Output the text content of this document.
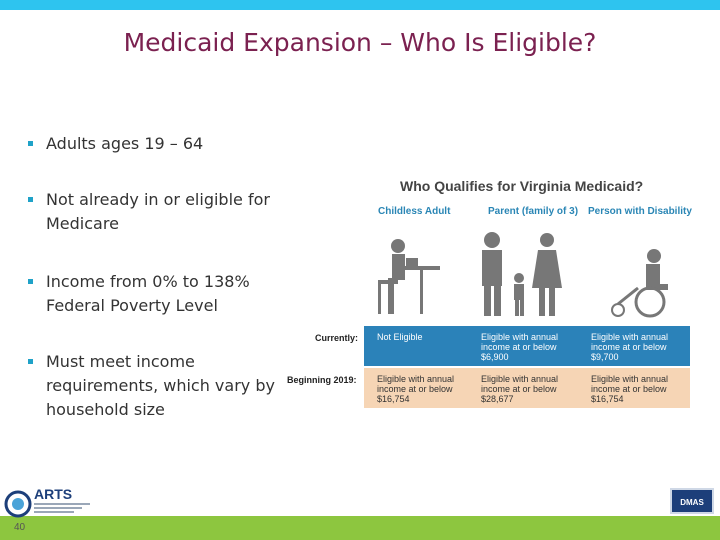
Medicaid Expansion – Who Is Eligible?
Adults ages 19 – 64
Not already in or eligible for Medicare
Income from 0% to 138% Federal Poverty Level
Must meet income requirements, which vary by household size
Who Qualifies for Virginia Medicaid?
Childless Adult	Parent (family of 3) Person with Disability
Currently:
Beginning 2019:
Not Eligible	Eligible with annual income at or below $6,900
Eligible with annual income at or below $9,700
Eligible with annual income at or below $16,754
Eligible with annual income at or below $28,677
Eligible with annual income at or below $16,754
ARTS
40
DMAS
